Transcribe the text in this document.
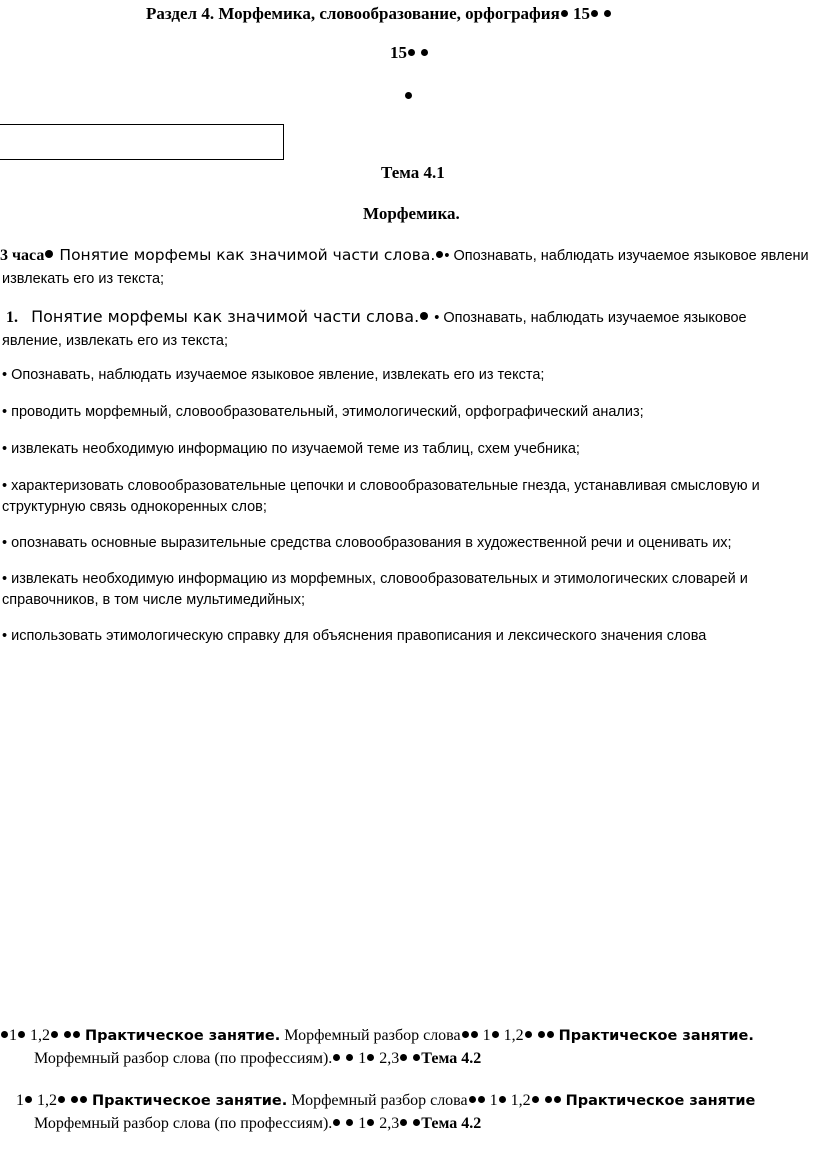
Раздел 4. Морфемика, словообразование, орфография 15
15
Тема 4.1
Морфемика.
3 часа Понятие морфемы как значимой части слова. • Опознавать, наблюдать изучаемое языковое явлени
извлекать его из текста;
1. Понятие морфемы как значимой части слова. • Опознавать, наблюдать изучаемое языковое
явление, извлекать его из текста;
• Опознавать, наблюдать изучаемое языковое явление, извлекать его из текста;
• проводить морфемный, словообразовательный, этимологический, орфографический анализ;
• извлекать необходимую информацию по изучаемой теме из таблиц, схем учебника;
• характеризовать словообразовательные цепочки и словообразовательные гнезда, устанавливая смысловую и
структурную связь однокоренных слов;
• опознавать основные выразительные средства словообразования в художественной речи и оценивать их;
• извлекать необходимую информацию из морфемных, словообразовательных и этимологических словарей и
справочников, в том числе мультимедийных;
• использовать этимологическую справку для объяснения правописания и лексического значения слова
1 1,2 Практическое занятие. Морфемный разбор слова 1 1,2 Практическое занятие.
Морфемный разбор слова (по профессиям). 1 2,3 Тема 4.2
1 1,2 Практическое занятие. Морфемный разбор слова 1 1,2 Практическое занятие
Морфемный разбор слова (по профессиям). 1 2,3 Тема 4.2
